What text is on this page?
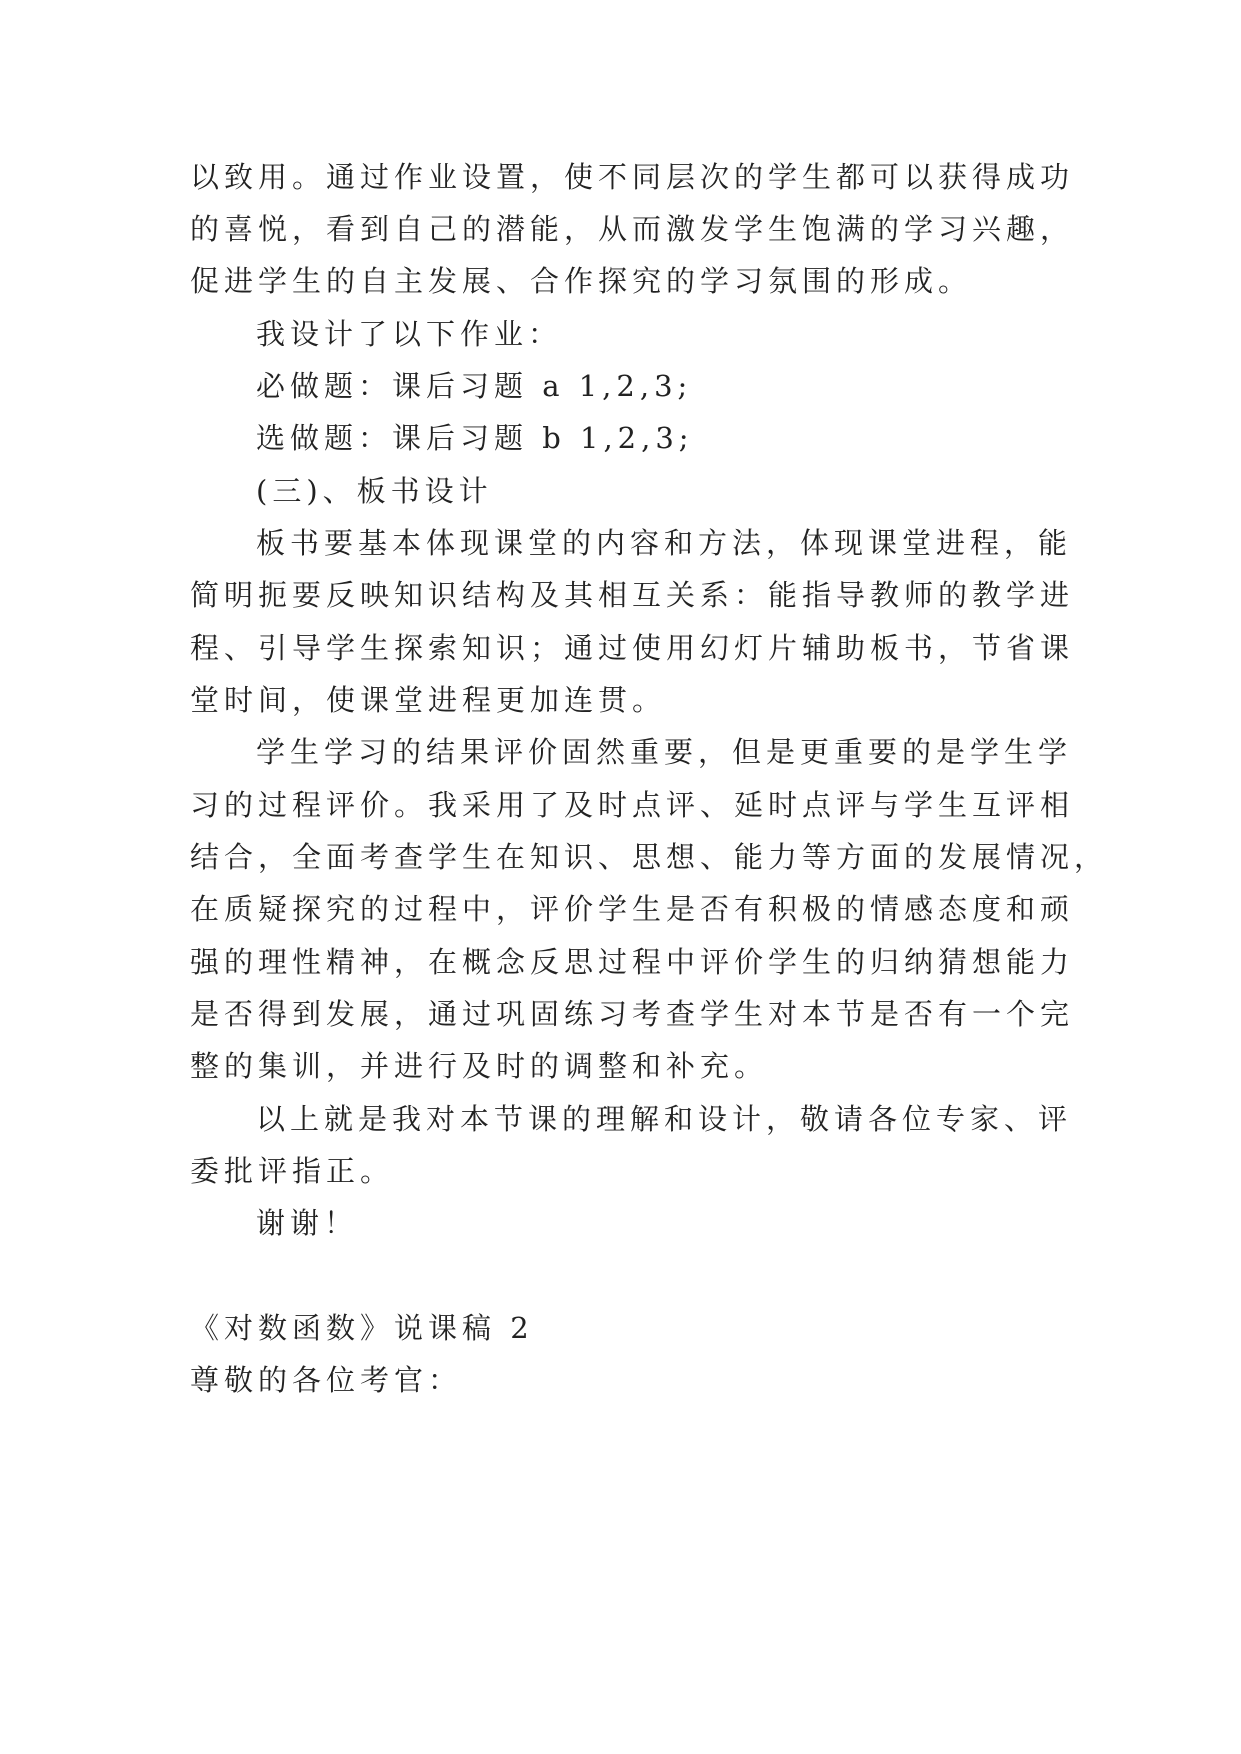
以致用。通过作业设置，使不同层次的学生都可以获得成功
的喜悦，看到自己的潜能，从而激发学生饱满的学习兴趣，
促进学生的自主发展、合作探究的学习氛围的形成。
我设计了以下作业：
必做题：课后习题 a 1,2,3;
选做题：课后习题 b 1,2,3;
(三)、板书设计
板书要基本体现课堂的内容和方法，体现课堂进程，能
简明扼要反映知识结构及其相互关系：能指导教师的教学进
程、引导学生探索知识；通过使用幻灯片辅助板书，节省课
堂时间，使课堂进程更加连贯。
学生学习的结果评价固然重要，但是更重要的是学生学
习的过程评价。我采用了及时点评、延时点评与学生互评相
结合，全面考查学生在知识、思想、能力等方面的发展情况，
在质疑探究的过程中，评价学生是否有积极的情感态度和顽
强的理性精神，在概念反思过程中评价学生的归纳猜想能力
是否得到发展，通过巩固练习考查学生对本节是否有一个完
整的集训，并进行及时的调整和补充。
以上就是我对本节课的理解和设计，敬请各位专家、评
委批评指正。
谢谢！
《对数函数》说课稿 2
尊敬的各位考官：
